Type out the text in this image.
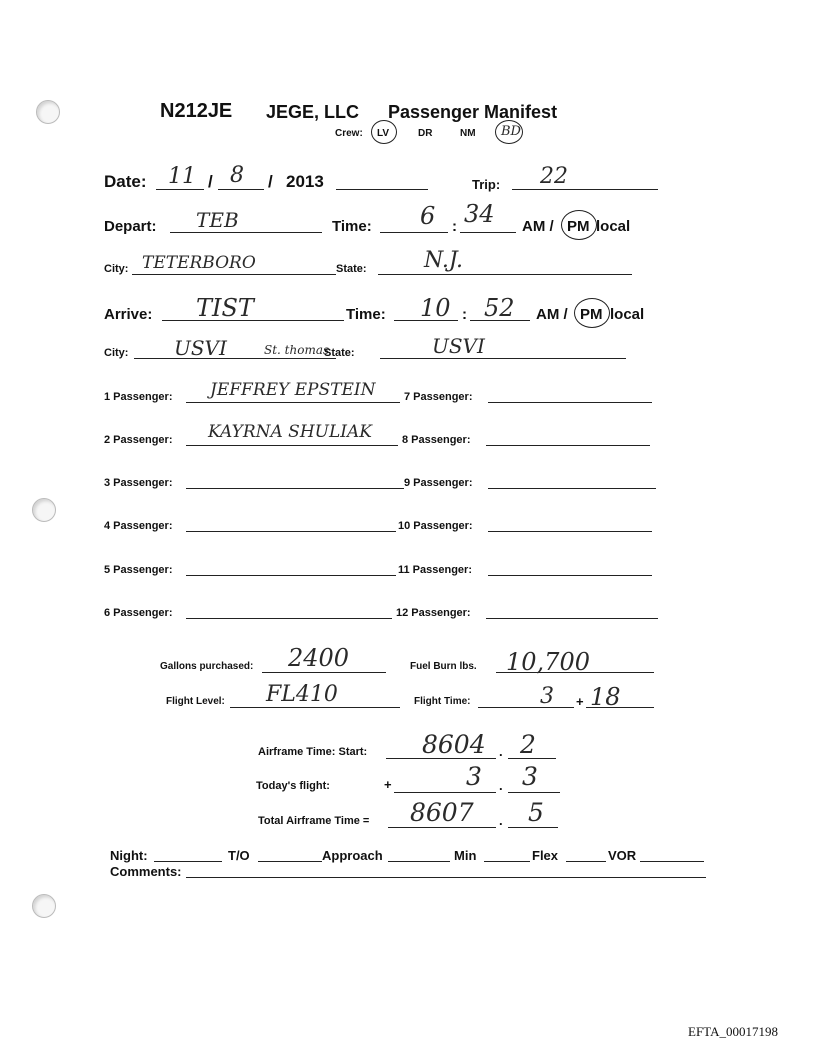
N212JE JEGE, LLC Passenger Manifest
Crew: LV	DR	NM BD
Date: 11 / 8 / 2013	Trip: 22
Depart: TEB	Time: 6 : 34 AM / PM local
City: TETERBORO	State:	N.J.
Arrive: TIST	Time: 10 : 52 AM / PM local
City: USVI	St. thomas
State:	USVI
1 Passenger: JEFFREY EPSTEIN
2 Passenger: KAYRNA SHULIAK
3 Passenger:
4 Passenger:
5 Passenger:
6 Passenger:
7 Passenger:
8 Passenger:
9 Passenger:
10 Passenger:
11 Passenger:
12 Passenger:
Gallons purchased: 2400	Fuel Burn lbs. 10,700
Flight Level: FL410	Flight Time:	3 + 18
Airframe Time: Start: 8604 . 2
Today's flight:	+	3 . 3
Total Airframe Time = 8607 . 5
Night:	T/O	Approach	Min	Flex	VOR
Comments:
EFTA_00017198
